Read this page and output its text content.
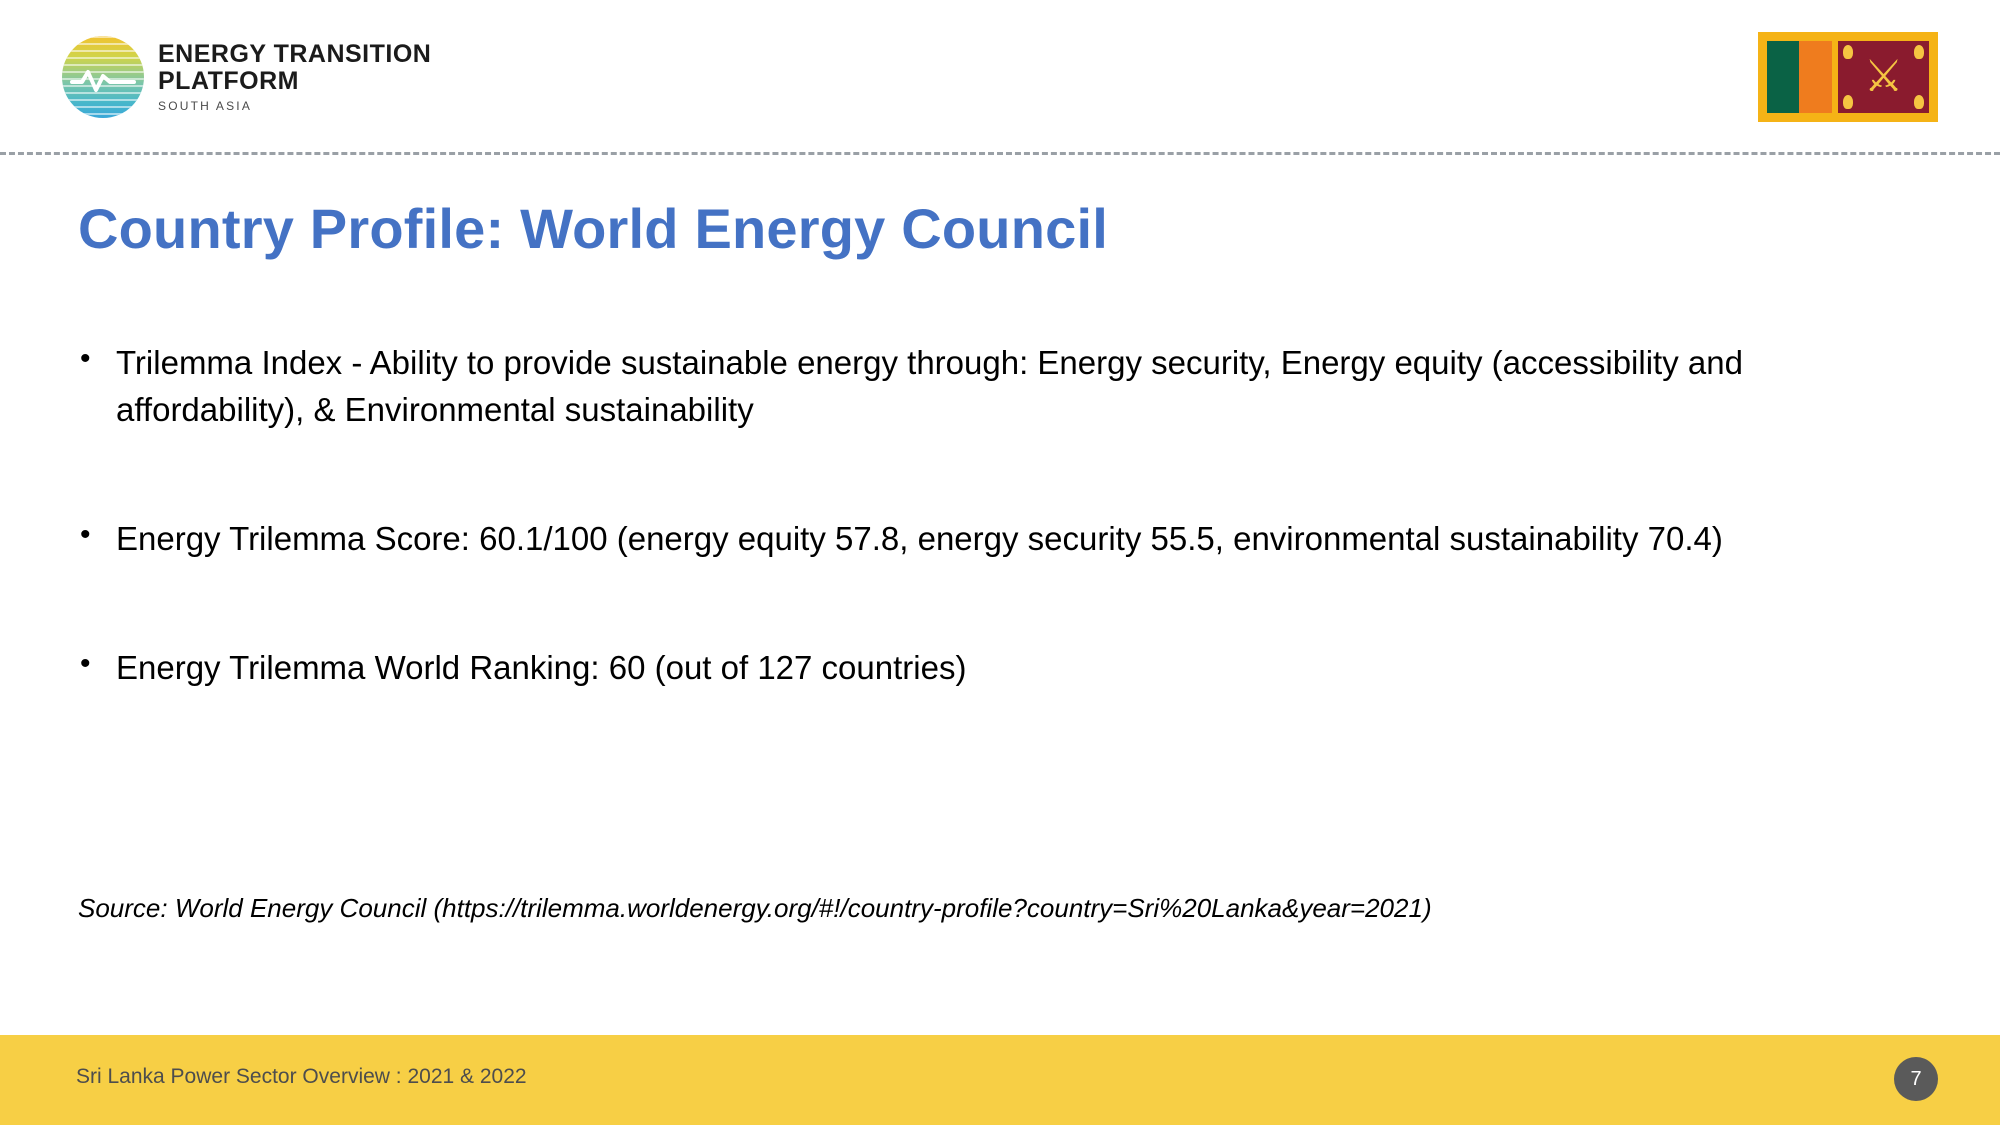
ENERGY TRANSITION
PLATFORM
SOUTH ASIA
⚔
Country Profile: World Energy Council
• Trilemma Index - Ability to provide sustainable energy through: Energy security, Energy equity (accessibility and affordability), & Environmental sustainability
• Energy Trilemma Score: 60.1/100 (energy equity 57.8, energy security 55.5, environmental sustainability 70.4)
• Energy Trilemma World Ranking: 60 (out of 127 countries)
Source: World Energy Council (https://trilemma.worldenergy.org/#!/country-profile?country=Sri%20Lanka&year=2021)
Sri Lanka Power Sector Overview : 2021 & 2022	7
